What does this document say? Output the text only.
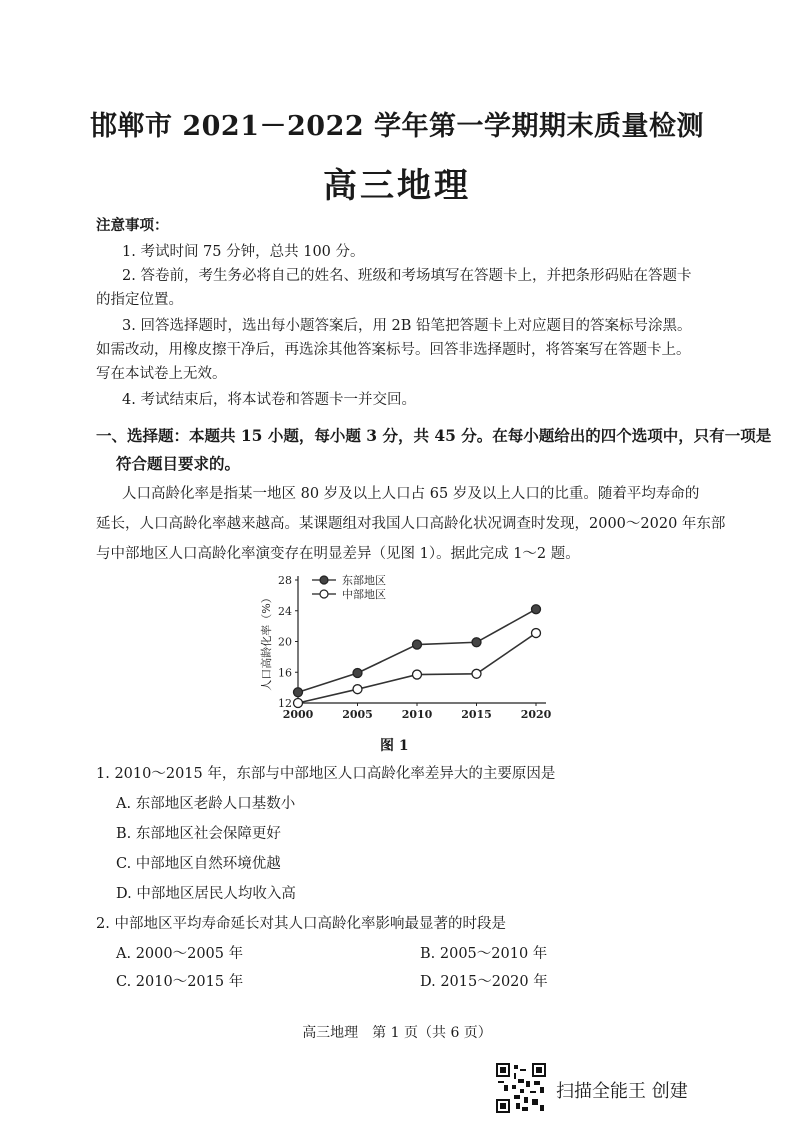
邯郸市 2021－2022 学年第一学期期末质量检测
高三地理
注意事项：
1. 考试时间 75 分钟，总共 100 分。
2. 答卷前，考生务必将自己的姓名、班级和考场填写在答题卡上，并把条形码贴在答题卡
的指定位置。
3. 回答选择题时，选出每小题答案后，用 2B 铅笔把答题卡上对应题目的答案标号涂黑。
如需改动，用橡皮擦干净后，再选涂其他答案标号。回答非选择题时，将答案写在答题卡上。
写在本试卷上无效。
4. 考试结束后，将本试卷和答题卡一并交回。
一、选择题：本题共 15 小题，每小题 3 分，共 45 分。在每小题给出的四个选项中，只有一项是
符合题目要求的。
人口高龄化率是指某一地区 80 岁及以上人口占 65 岁及以上人口的比重。随着平均寿命的
延长，人口高龄化率越来越高。某课题组对我国人口高龄化状况调查时发现，2000～2020 年东部
与中部地区人口高龄化率演变存在明显差异（见图 1）。据此完成 1～2 题。
12
16
20
24
28
2000	2005	2010	2015	2020
人口高龄化率（%）
东部地区
中部地区
图 1
1. 2010～2015 年，东部与中部地区人口高龄化率差异大的主要原因是
A. 东部地区老龄人口基数小
B. 东部地区社会保障更好
C. 中部地区自然环境优越
D. 中部地区居民人均收入高
2. 中部地区平均寿命延长对其人口高龄化率影响最显著的时段是
A. 2000～2005 年	B. 2005～2010 年
C. 2010～2015 年	D. 2015～2020 年
高三地理　第 1 页（共 6 页）
扫描全能王 创建
